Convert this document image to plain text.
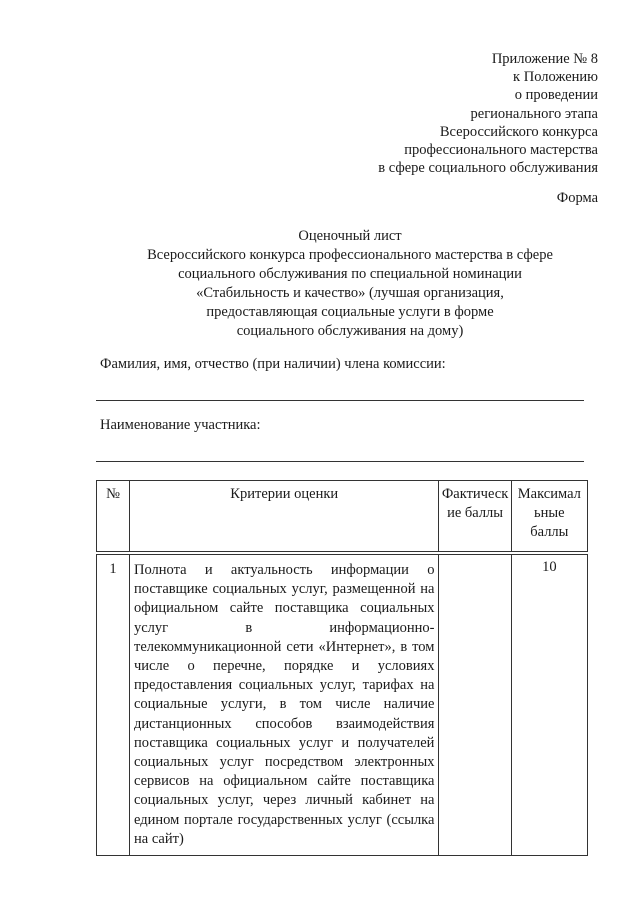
Приложение № 8
к Положению
о проведении
регионального этапа
Всероссийского конкурса
профессионального мастерства
в сфере социального обслуживания
Форма
Оценочный лист
Всероссийского конкурса профессионального мастерства в сфере
социального обслуживания по специальной номинации
«Стабильность и качество» (лучшая организация,
предоставляющая социальные услуги в форме
социального обслуживания на дому)
Фамилия, имя, отчество (при наличии) члена комиссии:
Наименование участника:
№	Критерии оценки	Фактическ ие баллы	Максимал ьные баллы
1	Полнота и актуальность информации о поставщике социальных услуг, размещенной на официальном сайте поставщика социальных услуг в информационно-телекоммуникационной сети «Интернет», в том числе о перечне, порядке и условиях предоставления социальных услуг, тарифах на социальные услуги, в том числе наличие дистанционных способов взаимодействия поставщика социальных услуг и получателей социальных услуг посредством электронных сервисов на официальном сайте поставщика социальных услуг, через личный кабинет на едином портале государственных услуг (ссылка на сайт)		10
